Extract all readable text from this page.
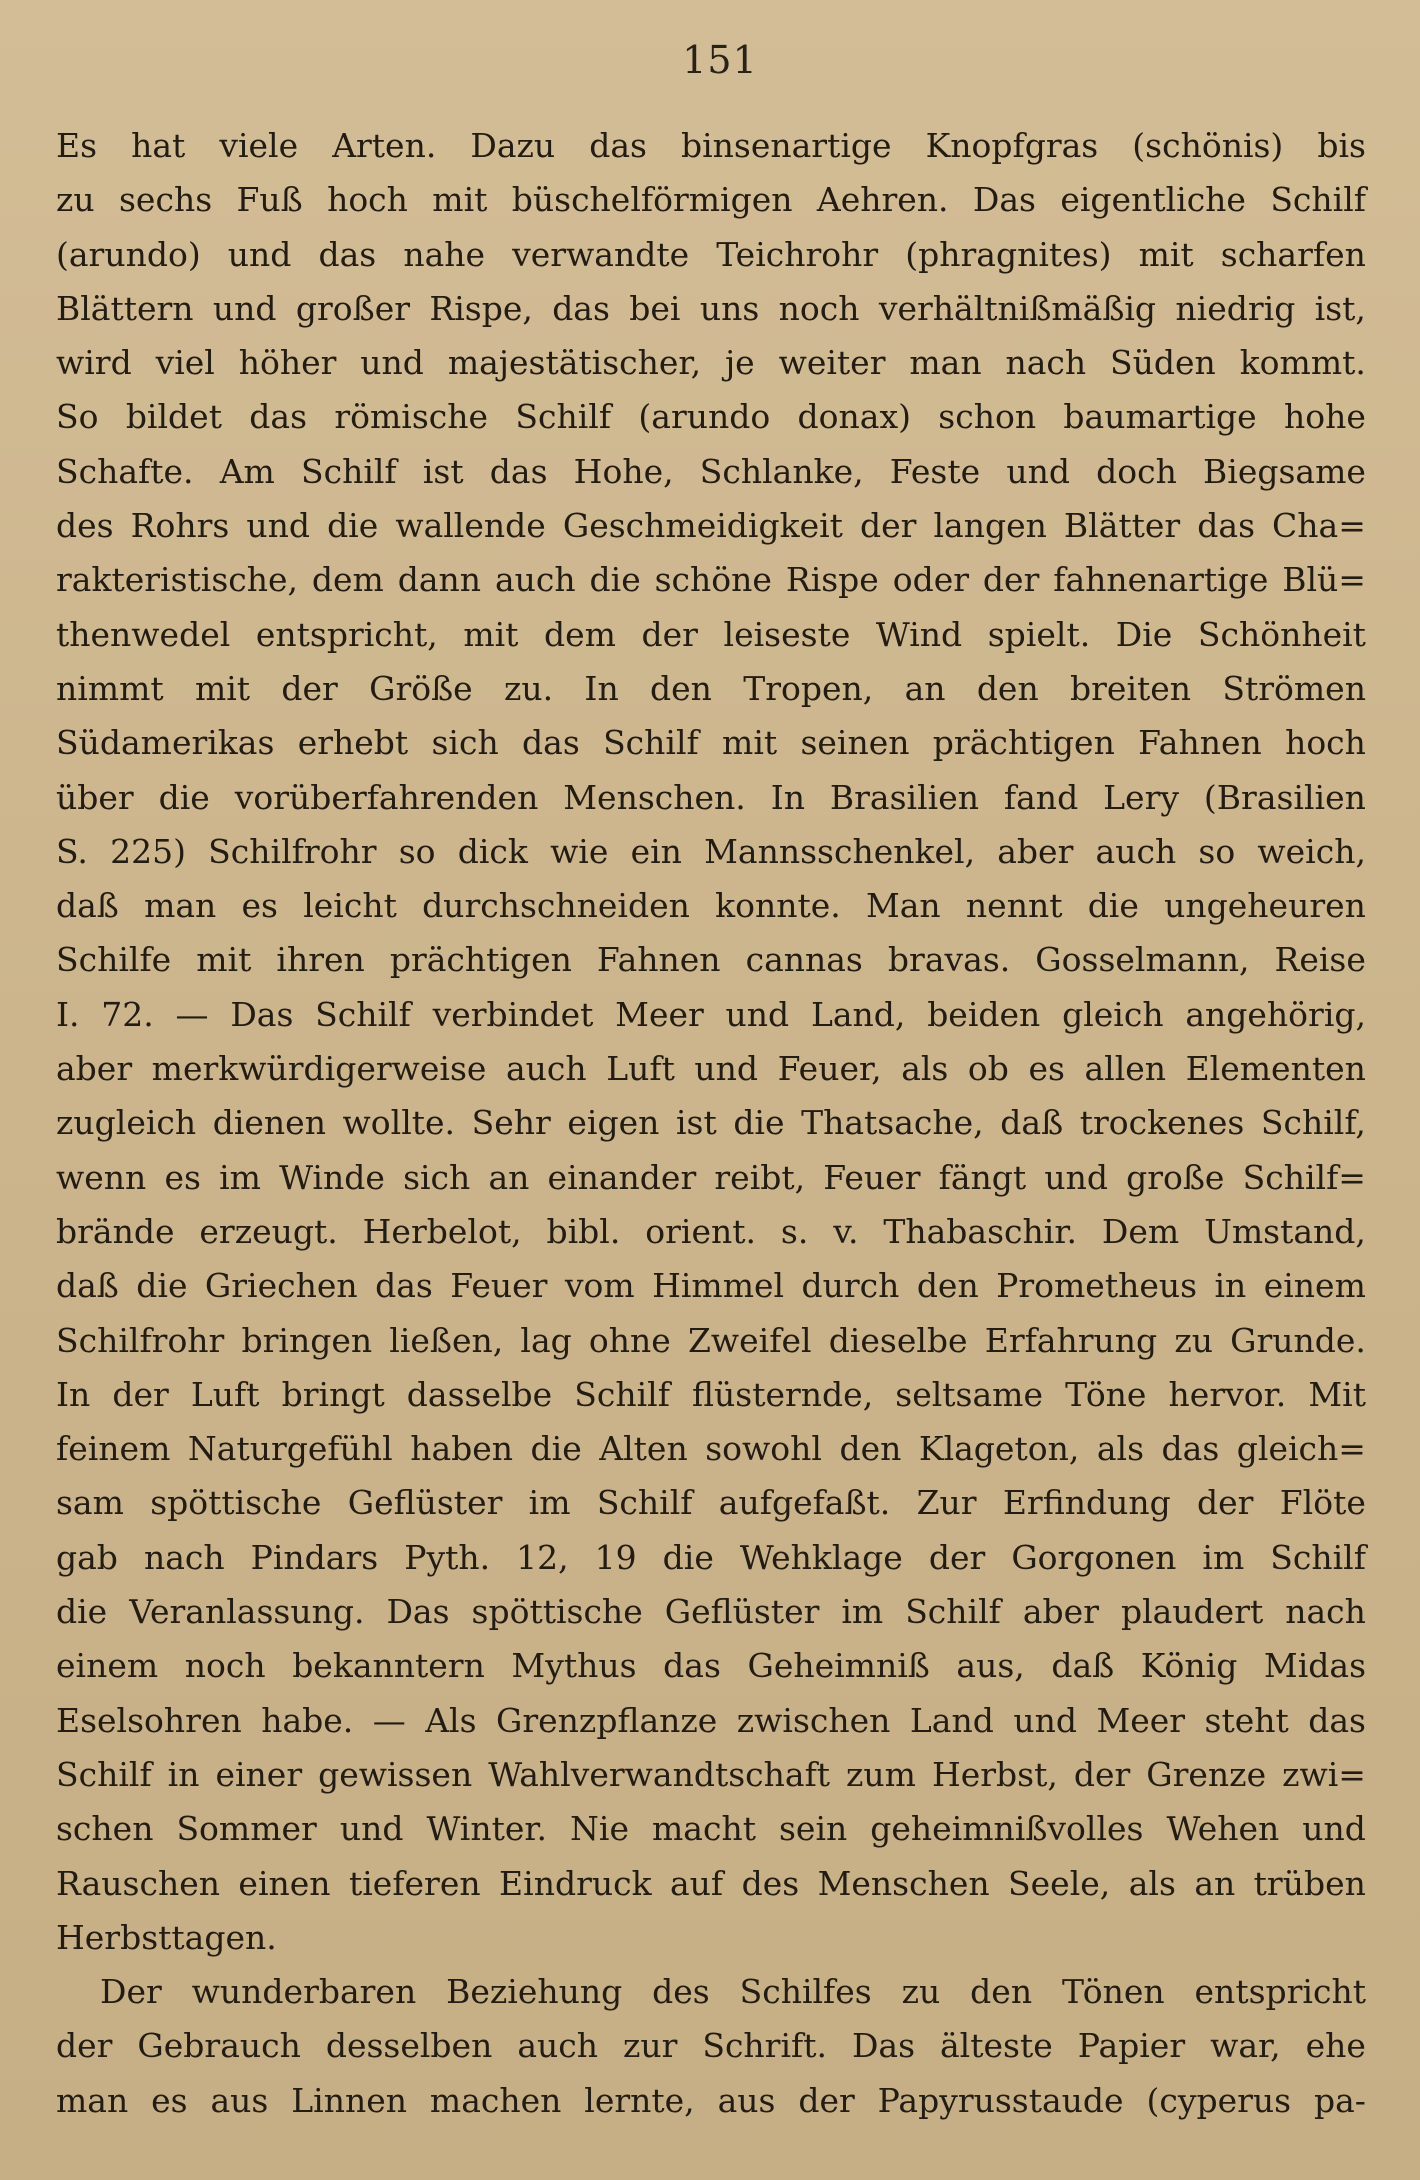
151
Es hat viele Arten. Dazu das binsenartige Knopfgras (schönis) bis
zu sechs Fuß hoch mit büschelförmigen Aehren. Das eigentliche Schilf
(arundo) und das nahe verwandte Teichrohr (phragnites) mit scharfen
Blättern und großer Rispe, das bei uns noch verhältnißmäßig niedrig ist,
wird viel höher und majestätischer, je weiter man nach Süden kommt.
So bildet das römische Schilf (arundo donax) schon baumartige hohe
Schafte. Am Schilf ist das Hohe, Schlanke, Feste und doch Biegsame
des Rohrs und die wallende Geschmeidigkeit der langen Blätter das Cha=
rakteristische, dem dann auch die schöne Rispe oder der fahnenartige Blü=
thenwedel entspricht, mit dem der leiseste Wind spielt. Die Schönheit
nimmt mit der Größe zu. In den Tropen, an den breiten Strömen
Südamerikas erhebt sich das Schilf mit seinen prächtigen Fahnen hoch
über die vorüberfahrenden Menschen. In Brasilien fand Lery (Brasilien
S. 225) Schilfrohr so dick wie ein Mannsschenkel, aber auch so weich,
daß man es leicht durchschneiden konnte. Man nennt die ungeheuren
Schilfe mit ihren prächtigen Fahnen cannas bravas. Gosselmann, Reise
I. 72. — Das Schilf verbindet Meer und Land, beiden gleich angehörig,
aber merkwürdigerweise auch Luft und Feuer, als ob es allen Elementen
zugleich dienen wollte. Sehr eigen ist die Thatsache, daß trockenes Schilf,
wenn es im Winde sich an einander reibt, Feuer fängt und große Schilf=
brände erzeugt. Herbelot, bibl. orient. s. v. Thabaschir. Dem Umstand,
daß die Griechen das Feuer vom Himmel durch den Prometheus in einem
Schilfrohr bringen ließen, lag ohne Zweifel dieselbe Erfahrung zu Grunde.
In der Luft bringt dasselbe Schilf flüsternde, seltsame Töne hervor. Mit
feinem Naturgefühl haben die Alten sowohl den Klageton, als das gleich=
sam spöttische Geflüster im Schilf aufgefaßt. Zur Erfindung der Flöte
gab nach Pindars Pyth. 12, 19 die Wehklage der Gorgonen im Schilf
die Veranlassung. Das spöttische Geflüster im Schilf aber plaudert nach
einem noch bekanntern Mythus das Geheimniß aus, daß König Midas
Eselsohren habe. — Als Grenzpflanze zwischen Land und Meer steht das
Schilf in einer gewissen Wahlverwandtschaft zum Herbst, der Grenze zwi=
schen Sommer und Winter. Nie macht sein geheimnißvolles Wehen und
Rauschen einen tieferen Eindruck auf des Menschen Seele, als an trüben
Herbsttagen.
Der wunderbaren Beziehung des Schilfes zu den Tönen entspricht
der Gebrauch desselben auch zur Schrift. Das älteste Papier war, ehe
man es aus Linnen machen lernte, aus der Papyrusstaude (cyperus pa-
